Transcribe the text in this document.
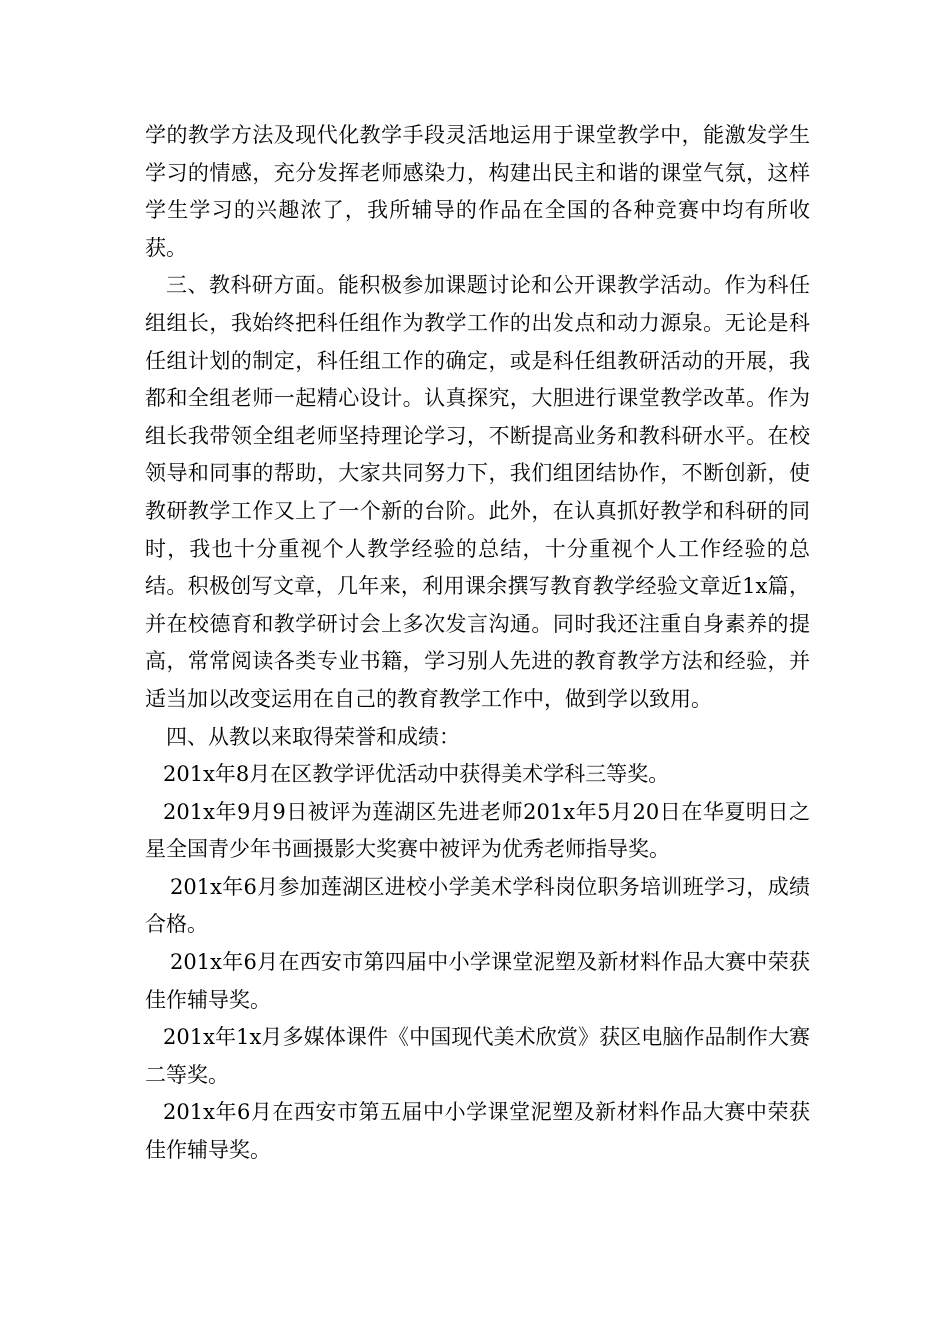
学的教学方法及现代化教学手段灵活地运用于课堂教学中，能激发学生学习的情感，充分发挥老师感染力，构建出民主和谐的课堂气氛，这样学生学习的兴趣浓了，我所辅导的作品在全国的各种竞赛中均有所收获。

三、教科研方面。能积极参加课题讨论和公开课教学活动。作为科任组组长，我始终把科任组作为教学工作的出发点和动力源泉。无论是科任组计划的制定，科任组工作的确定，或是科任组教研活动的开展，我都和全组老师一起精心设计。认真探究，大胆进行课堂教学改革。作为组长我带领全组老师坚持理论学习，不断提高业务和教科研水平。在校领导和同事的帮助，大家共同努力下，我们组团结协作，不断创新，使教研教学工作又上了一个新的台阶。此外，在认真抓好教学和科研的同时，我也十分重视个人教学经验的总结，十分重视个人工作经验的总结。积极创写文章，几年来，利用课余撰写教育教学经验文章近1x篇，并在校德育和教学研讨会上多次发言沟通。同时我还注重自身素养的提高，常常阅读各类专业书籍，学习别人先进的教育教学方法和经验，并适当加以改变运用在自己的教育教学工作中，做到学以致用。

四、从教以来取得荣誉和成绩：

201x年8月在区教学评优活动中获得美术学科三等奖。

201x年9月9日被评为莲湖区先进老师201x年5月20日在华夏明日之星全国青少年书画摄影大奖赛中被评为优秀老师指导奖。

201x年6月参加莲湖区进校小学美术学科岗位职务培训班学习，成绩合格。

201x年6月在西安市第四届中小学课堂泥塑及新材料作品大赛中荣获佳作辅导奖。

201x年1x月多媒体课件《中国现代美术欣赏》获区电脑作品制作大赛二等奖。

201x年6月在西安市第五届中小学课堂泥塑及新材料作品大赛中荣获佳作辅导奖。
